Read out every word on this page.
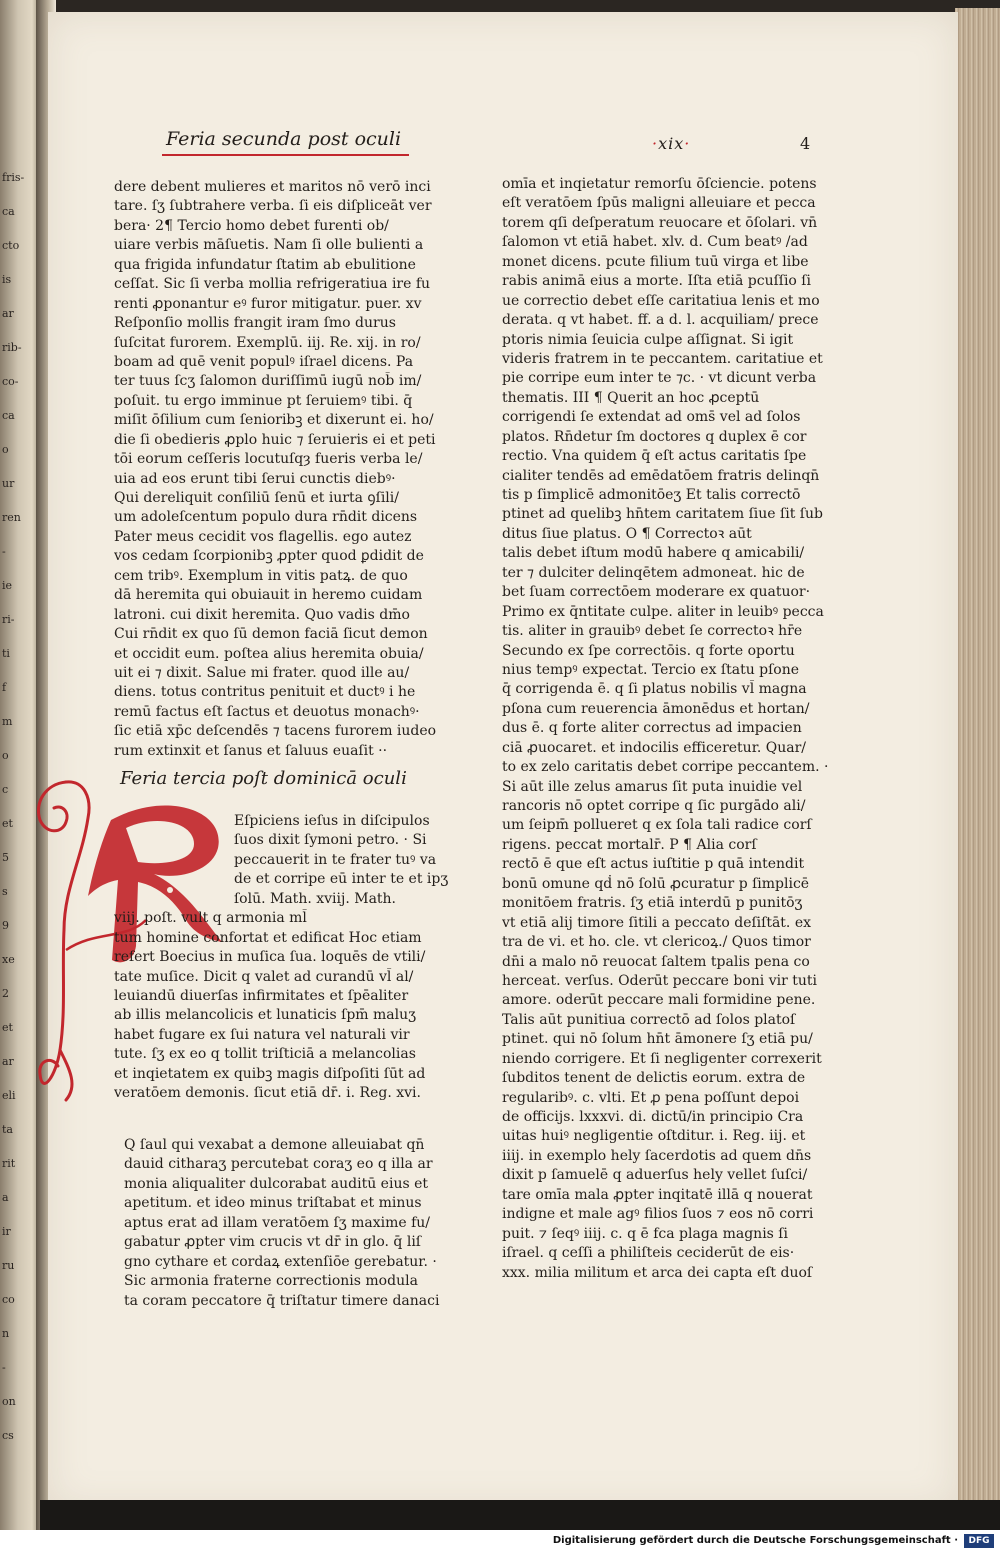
fris-
ca
cto
is
ar
rib-
co-
ca
o
ur
ren
-
ie
ri-
ti
f
m
o
c
et
5
s
9
xe
2
et
ar
eli
ta
rit
a
ir
ru
co
n
-
on
cs
Feria secunda post oculi	·xix·	4
dere debent mulieres et maritos nō verō inci
tare. ſʒ ſubtrahere verba. ſi eis diſpliceāt ver
bera· 2¶ Tercio homo debet furenti ob/
uiare verbis māſuetis. Nam ſi olle bulienti a
qua frigida infundatur ſtatim ab ebulitione
ceſſat. Sic ſi verba mollia refrigeratiua ire fu
renti ꝓponantur eꝰ furor mitigatur. puer. xv
Reſponſio mollis frangit iram ſmo durus
ſuſcitat furorem. Exemplū. iij. Re. xij. in ro/
boam ad quē venit populꝰ iſrael dicens. Pa
ter tuus ſcʒ ſalomon duriſſimū iugū nob̄ im/
poſuit. tu ergo imminue pt ſeruiemꝰ tibi. q̄
miſit ōſilium cum ſenioribꝫ et dixerunt ei. ho/
die ſi obedieris ꝓplo huic ⁊ ſeruieris ei et peti
tōi eorum ceſſeris locutuſqȝ fueris verba le/
uia ad eos erunt tibi ſerui cunctis diebꝰ·
Qui dereliquit conſiliū ſenū et iurta ꝯſili/
um adoleſcentum populo dura rn̄dit dicens
Pater meus cecidit vos flagellis. ego autez
vos cedam ſcorpionibꝫ ꝓpter quod ꝑdidit de
cem tribꝰ. Exemplum in vitis patꝝ. de quo
dā heremita qui obuiauit in heremo cuidam
latroni. cui dixit heremita. Quo vadis dm̄o
Cui rn̄dit ex quo ſū demon faciā ſicut demon
et occidit eum. poſtea alius heremita obuia/
uit ei ⁊ dixit. Salue mi frater. quod ille au/
diens. totus contritus penituit et ductꝰ i he
remū factus eſt ſactus et deuotus monachꝰ·
ſic etiā xp̄c deſcendēs ⁊ tacens furorem iudeo
rum extinxit et ſanus et ſaluus euaſit ··
Feria tercia poſt dominicā oculi
Eſpiciens ieſus in diſcipulos
ſuos dixit ſymoni petro. · Si
peccauerit in te frater tuꝰ va
de et corripe eū inter te et ipʒ
ſolū. Math. xviij. Math.
viij. poſt. vult q armonia ml̄
tum homine confortat et edificat Hoc etiam
refert Boecius in muſica ſua. loquēs de vtili/
tate muſice. Dicit q valet ad curandū vl̄ al/
leuiandū diuerſas infirmitates et ſpēaliter
ab illis melancolicis et lunaticis ſpm̄ maluʒ
habet fugare ex ſui natura vel naturali vir
tute. ſʒ ex eo q tollit triſticiā a melancolias
et inqietatem ex quibꝫ magis diſpoſiti ſūt ad
veratōem demonis. ſicut etiā dr̄. i. Reg. xvi.
Q ſaul qui vexabat a demone alleuiabat qn̄
dauid citharaʒ percutebat coraʒ eo q illa ar
monia aliqualiter dulcorabat auditū eius et
apetitum. et ideo minus triſtabat et minus
aptus erat ad illam veratōem ſʒ maxime fu/
gabatur ꝓpter vim crucis vt dr̄ in glo. q̄ liſ
gno cythare et cordaꝝ extenſiōe gerebatur. ·
Sic armonia fraterne correctionis modula
ta coram peccatore q̄ triſtatur timere danaci
omīa et inqietatur remorſu ōſciencie. potens
eſt veratōem ſpūs maligni alleuiare et pecca
torem qſi deſperatum reuocare et ōſolari. vn̄
ſalomon vt etiā habet. xlv. d. Cum beatꝰ /ad
monet dicens. pcute filium tuū virga et libe
rabis animā eius a morte. Iſta etiā pcuſſio ſi
ue correctio debet eſſe caritatiua lenis et mo
derata. q vt habet. ff. a d. l. acquiliam/ prece
ptoris nimia ſeuicia culpe aſſignat. Si igit
videris fratrem in te peccantem. caritatiue et
pie corripe eum inter te ⁊c. · vt dicunt verba
thematis. III ¶ Querit an hoc ꝓceptū
corrigendi ſe extendat ad oms̄ vel ad ſolos
platos. Rn̄detur ſm doctores q duplex ē cor
rectio. Vna quidem q̄ eſt actus caritatis ſpe
cialiter tendēs ad emēdatōem fratris delinqn̄
tis p ſimplicē admonitōeʒ Et talis correctō
ptinet ad quelibꝫ hn̄tem caritatem ſiue ſit ſub
ditus ſiue platus. O ¶ Correctoꝛ aūt
talis debet iſtum modū habere q amicabili/
ter ⁊ dulciter delinqētem admoneat. hic de
bet ſuam correctōem moderare ex quatuor·
Primo ex q̄ntitate culpe. aliter in leuibꝰ pecca
tis. aliter in grauibꝰ debet ſe correctoꝛ hr̄e
Secundo ex ſpe correctōis. q forte oportu
nius tempꝰ expectat. Tercio ex ſtatu pſone
q̄ corrigenda ē. q ſi platus nobilis vl̄ magna
pſona cum reuerencia āmonēdus et hortan/
dus ē. q forte aliter correctus ad impacien
ciā ꝓuocaret. et indocilis efficeretur. Quar/
to ex zelo caritatis debet corripe peccantem. ·
Si aūt ille zelus amarus ſit puta inuidie vel
rancoris nō optet corripe q ſic purgādo ali/
um ſeipm̄ pollueret q ex ſola tali radice corſ
rigens. peccat mortalr̄. P ¶ Alia corſ
rectō ē que eſt actus iuſtitie p quā intendit
bonū omune qḋ nō ſolū ꝓcuratur p ſimplicē
monitōem fratris. ſʒ etiā interdū p punitōʒ
vt etiā alij timore ſitili a peccato deſiſtāt. ex
tra de vi. et ho. cle. vt clericoꝝ./ Quos timor
dn̄i a malo nō reuocat ſaltem tpalis pena co
herceat. verſus. Oderūt peccare boni vir tuti
amore. oderūt peccare mali formidine pene.
Talis aūt punitiua correctō ad ſolos platoſ
ptinet. qui nō ſolum hn̄t āmonere ſʒ etiā pu/
niendo corrigere. Et ſi negligenter correxerit
ſubditos tenent de delictis eorum. extra de
regularibꝰ. c. vlti. Et ꝓ pena poſſunt depoi
de officijs. lxxxvi. di. dictū/in principio Cra
uitas huiꝰ negligentie oſtditur. i. Reg. iij. et
iiij. in exemplo hely ſacerdotis ad quem dn̄s
dixit p ſamuelē q aduerſus hely vellet ſuſci/
tare omīa mala ꝓpter inqitatē illā q nouerat
indigne et male agꝰ filios ſuos ⁊ eos nō corri
puit. ⁊ ſeqꝰ iiij. c. q ē fca plaga magnis ſi
iſrael. q ceſſi a philiſteis ceciderūt de eis·
xxx. milia militum et arca dei capta eſt duoſ
Digitalisierung gefördert durch die Deutsche Forschungsgemeinschaft ·	DFG
